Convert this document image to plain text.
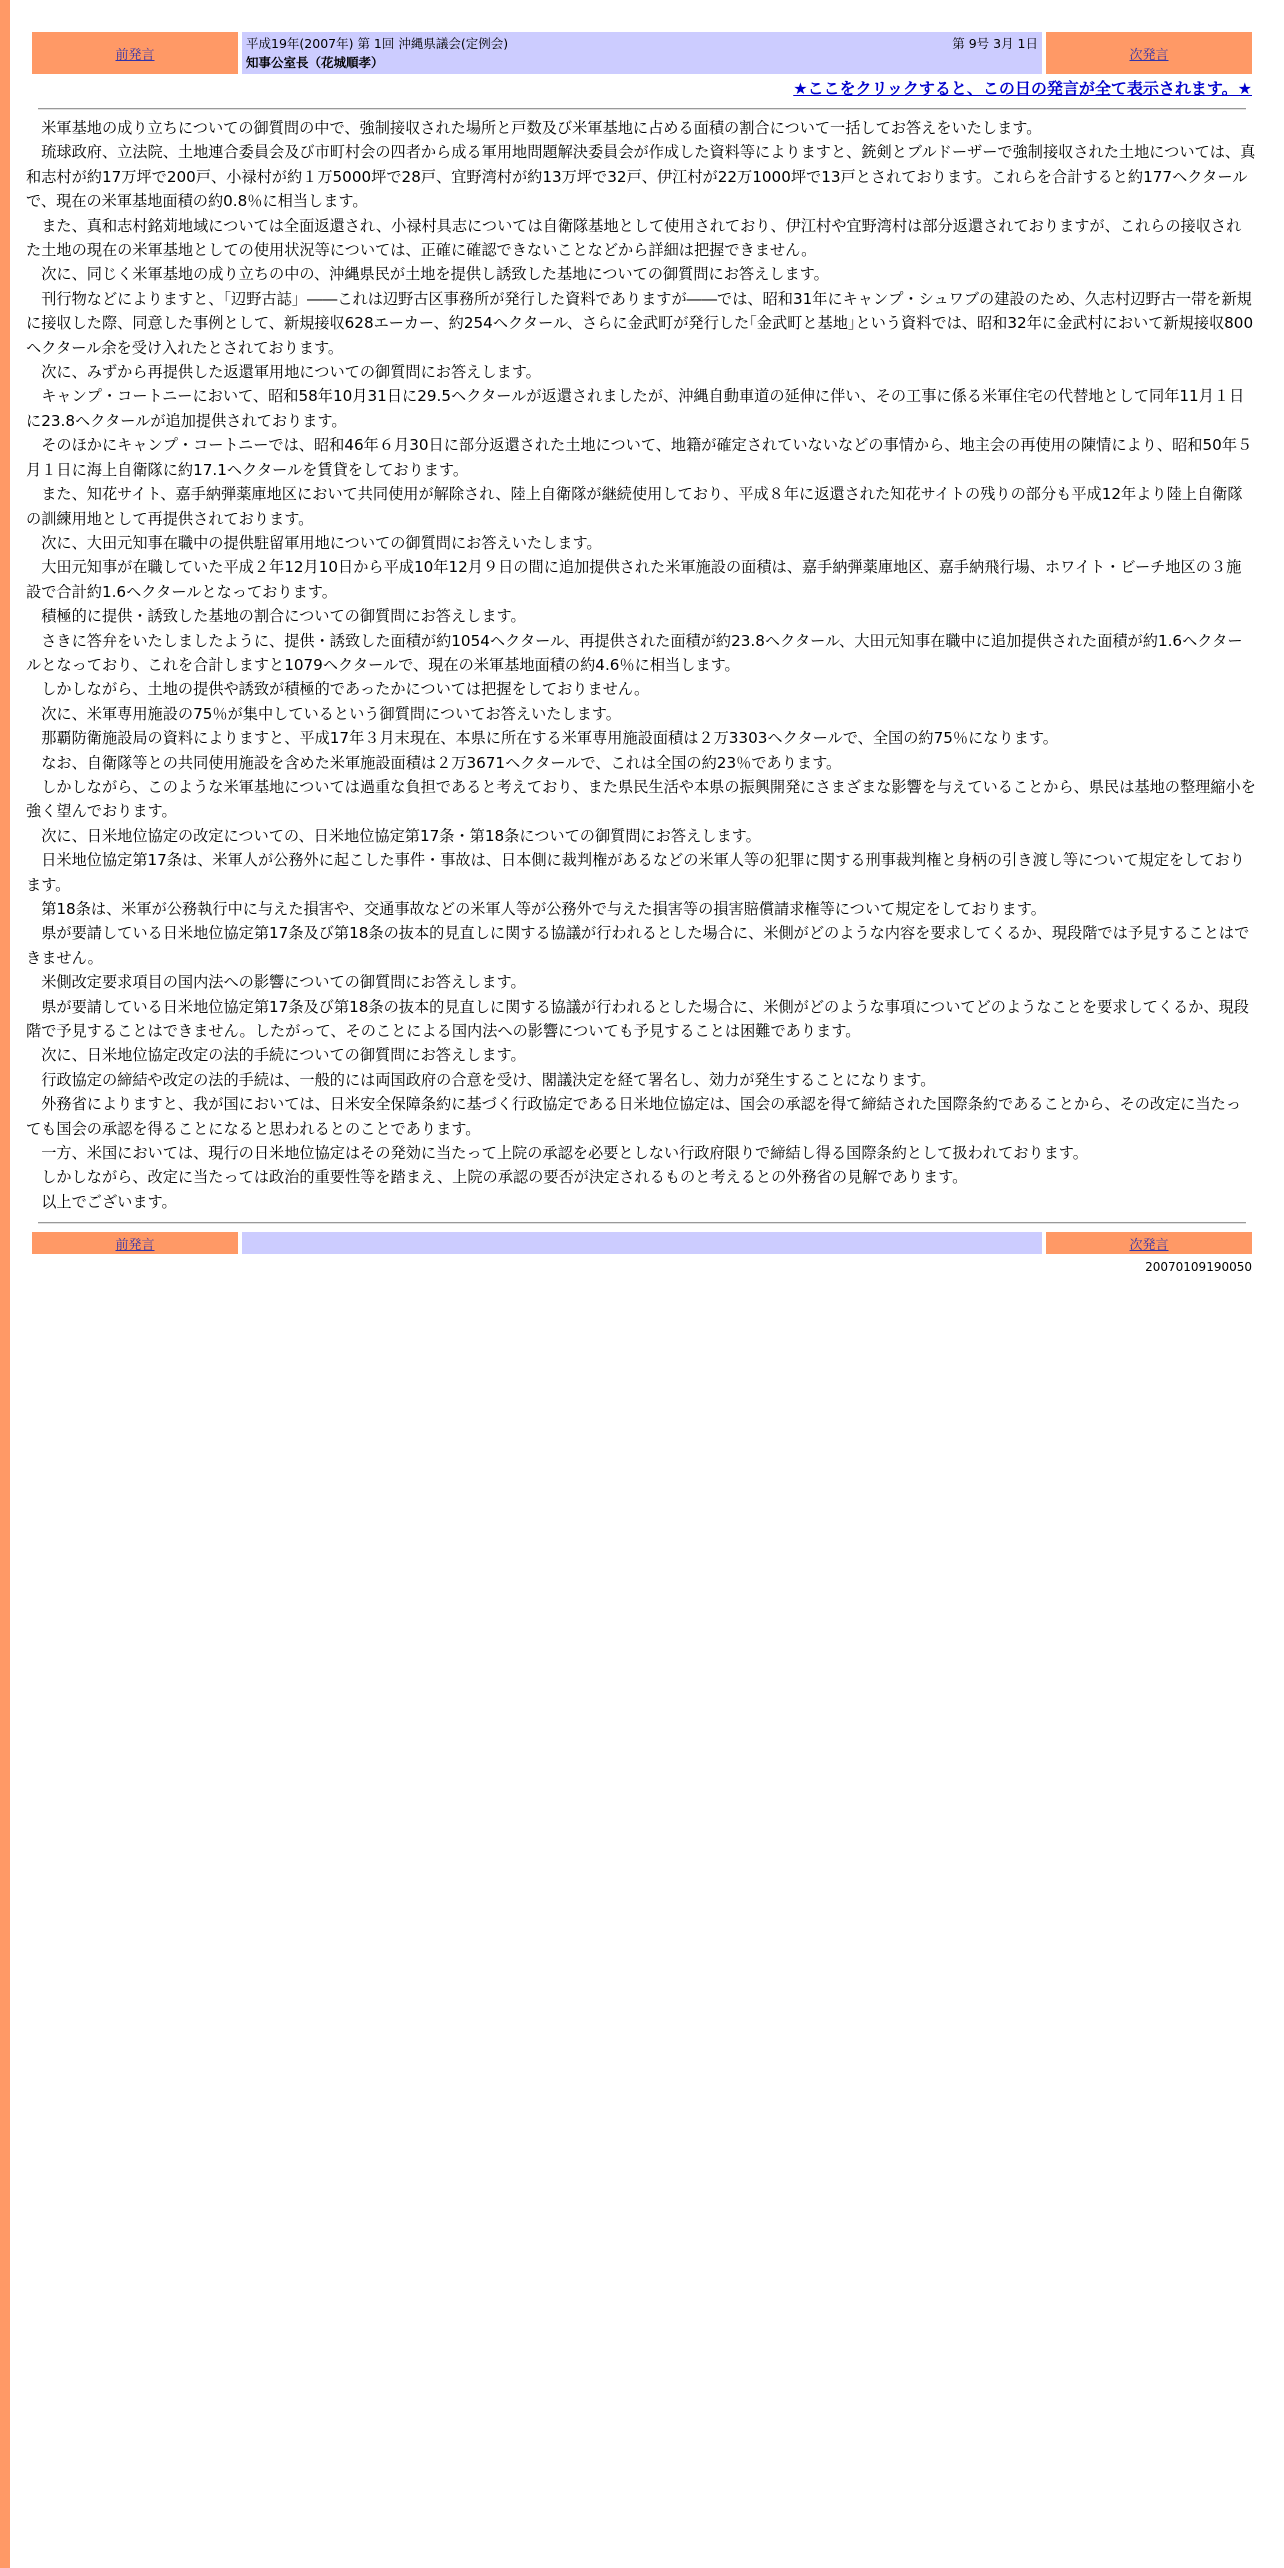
前発言
平成19年(2007年) 第 1回 沖縄県議会(定例会)	第 9号 3月 1日
知事公室長（花城順孝）	次発言
★ここをクリックすると、この日の発言が全て表示されます。★

米軍基地の成り立ちについての御質問の中で、強制接収された場所と戸数及び米軍基地に占める面積の割合について一括してお答えをいたします。

琉球政府、立法院、土地連合委員会及び市町村会の四者から成る軍用地問題解決委員会が作成した資料等によりますと、銃剣とブルドーザーで強制接収された土地については、真和志村が約17万坪で200戸、小禄村が約１万5000坪で28戸、宜野湾村が約13万坪で32戸、伊江村が22万1000坪で13戸とされております。これらを合計すると約177ヘクタールで、現在の米軍基地面積の約0.8％に相当します。

また、真和志村銘苅地域については全面返還され、小禄村具志については自衛隊基地として使用されており、伊江村や宜野湾村は部分返還されておりますが、これらの接収された土地の現在の米軍基地としての使用状況等については、正確に確認できないことなどから詳細は把握できません。

次に、同じく米軍基地の成り立ちの中の、沖縄県民が土地を提供し誘致した基地についての御質問にお答えします。

刊行物などによりますと、「辺野古誌」――これは辺野古区事務所が発行した資料でありますが――では、昭和31年にキャンプ・シュワブの建設のため、久志村辺野古一帯を新規に接収した際、同意した事例として、新規接収628エーカー、約254ヘクタール、さらに金武町が発行した｢金武町と基地｣という資料では、昭和32年に金武村において新規接収800ヘクタール余を受け入れたとされております。

次に、みずから再提供した返還軍用地についての御質問にお答えします。

キャンプ・コートニーにおいて、昭和58年10月31日に29.5ヘクタールが返還されましたが、沖縄自動車道の延伸に伴い、その工事に係る米軍住宅の代替地として同年11月１日に23.8ヘクタールが追加提供されております。

そのほかにキャンプ・コートニーでは、昭和46年６月30日に部分返還された土地について、地籍が確定されていないなどの事情から、地主会の再使用の陳情により、昭和50年５月１日に海上自衛隊に約17.1ヘクタールを賃貸をしております。

また、知花サイト、嘉手納弾薬庫地区において共同使用が解除され、陸上自衛隊が継続使用しており、平成８年に返還された知花サイトの残りの部分も平成12年より陸上自衛隊の訓練用地として再提供されております。

次に、大田元知事在職中の提供駐留軍用地についての御質問にお答えいたします。

大田元知事が在職していた平成２年12月10日から平成10年12月９日の間に追加提供された米軍施設の面積は、嘉手納弾薬庫地区、嘉手納飛行場、ホワイト・ビーチ地区の３施設で合計約1.6ヘクタールとなっております。

積極的に提供・誘致した基地の割合についての御質問にお答えします。

さきに答弁をいたしましたように、提供・誘致した面積が約1054ヘクタール、再提供された面積が約23.8ヘクタール、大田元知事在職中に追加提供された面積が約1.6ヘクタールとなっており、これを合計しますと1079ヘクタールで、現在の米軍基地面積の約4.6％に相当します。

しかしながら、土地の提供や誘致が積極的であったかについては把握をしておりません。

次に、米軍専用施設の75％が集中しているという御質問についてお答えいたします。

那覇防衛施設局の資料によりますと、平成17年３月末現在、本県に所在する米軍専用施設面積は２万3303ヘクタールで、全国の約75％になります。

なお、自衛隊等との共同使用施設を含めた米軍施設面積は２万3671ヘクタールで、これは全国の約23％であります。

しかしながら、このような米軍基地については過重な負担であると考えており、また県民生活や本県の振興開発にさまざまな影響を与えていることから、県民は基地の整理縮小を強く望んでおります。

次に、日米地位協定の改定についての、日米地位協定第17条・第18条についての御質問にお答えします。

日米地位協定第17条は、米軍人が公務外に起こした事件・事故は、日本側に裁判権があるなどの米軍人等の犯罪に関する刑事裁判権と身柄の引き渡し等について規定をしております。

第18条は、米軍が公務執行中に与えた損害や、交通事故などの米軍人等が公務外で与えた損害等の損害賠償請求権等について規定をしております。

県が要請している日米地位協定第17条及び第18条の抜本的見直しに関する協議が行われるとした場合に、米側がどのような内容を要求してくるか、現段階では予見することはできません。

米側改定要求項目の国内法への影響についての御質問にお答えします。

県が要請している日米地位協定第17条及び第18条の抜本的見直しに関する協議が行われるとした場合に、米側がどのような事項についてどのようなことを要求してくるか、現段階で予見することはできません。したがって、そのことによる国内法への影響についても予見することは困難であります。

次に、日米地位協定改定の法的手続についての御質問にお答えします。

行政協定の締結や改定の法的手続は、一般的には両国政府の合意を受け、閣議決定を経て署名し、効力が発生することになります。

外務省によりますと、我が国においては、日米安全保障条約に基づく行政協定である日米地位協定は、国会の承認を得て締結された国際条約であることから、その改定に当たっても国会の承認を得ることになると思われるとのことであります。

一方、米国においては、現行の日米地位協定はその発効に当たって上院の承認を必要としない行政府限りで締結し得る国際条約として扱われております。

しかしながら、改定に当たっては政治的重要性等を踏まえ、上院の承認の要否が決定されるものと考えるとの外務省の見解であります。

以上でございます。

前発言	次発言
20070109190050
